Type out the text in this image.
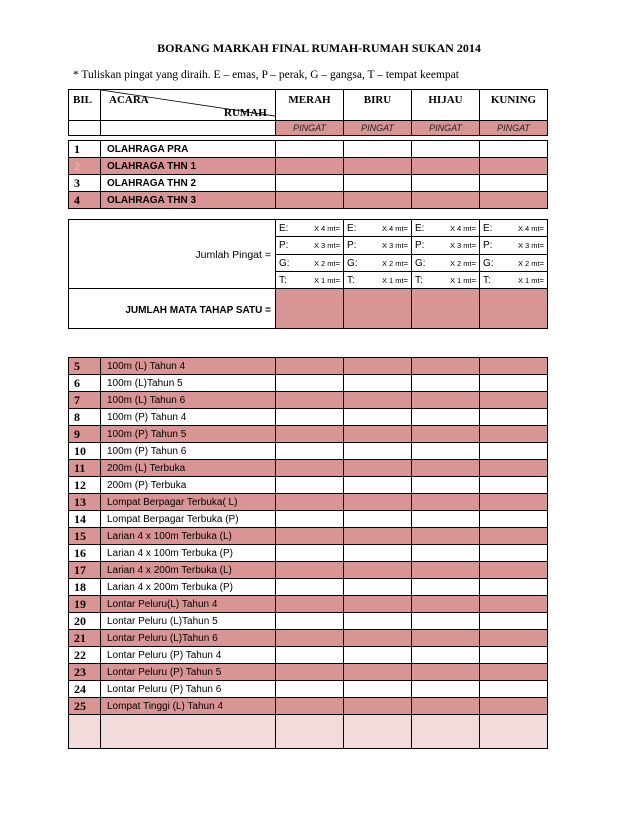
BORANG MARKAH FINAL RUMAH-RUMAH SUKAN 2014
* Tuliskan pingat yang diraih. E – emas, P – perak, G – gangsa, T – tempat keempat
BIL	ACARA
RUMAH	MERAH	BIRU	HIJAU	KUNING
		PINGAT	PINGAT	PINGAT	PINGAT

1	OLAHRAGA PRA				
2	OLAHRAGA THN 1				
3	OLAHRAGA THN 2				
4	OLAHRAGA THN 3				
Jumlah Pingat =	E: X 4 mt=	E: X 4 mt=	E: X 4 mt=	E: X 4 mt=

	P: X 3 mt=	P: X 3 mt=	P: X 3 mt=	P: X 3 mt=

	G: X 2 mt=	G: X 2 mt=	G: X 2 mt=	G: X 2 mt=

	T: X 1 mt=	T: X 1 mt=	T: X 1 mt=	T: X 1 mt=

JUMLAH MATA TAHAP SATU =				
5	100m (L) Tahun 4				
6	100m (L)Tahun 5				
7	100m (L) Tahun 6				
8	100m (P) Tahun 4				
9	100m (P) Tahun 5				
10	100m (P) Tahun 6				
11	200m (L) Terbuka				
12	200m (P) Terbuka				
13	Lompat Berpagar Terbuka( L)				
14	Lompat Berpagar Terbuka (P)				
15	Larian 4 x 100m Terbuka (L)				
16	Larian 4 x 100m Terbuka (P)				
17	Larian 4 x 200m Terbuka (L)				
18	Larian 4 x 200m Terbuka (P)				
19	Lontar Peluru(L) Tahun 4				
20	Lontar Peluru (L)Tahun 5				
21	Lontar Peluru (L)Tahun 6				
22	Lontar Peluru (P) Tahun 4				
23	Lontar Peluru (P) Tahun 5				
24	Lontar Peluru (P) Tahun 6				
25	Lompat Tinggi (L) Tahun 4				
